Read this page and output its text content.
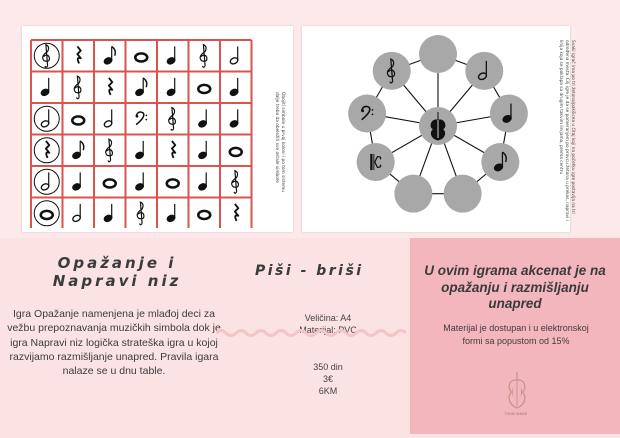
Obojiti simbole u prvoj koloni i po tom sistemu dalje treba da obeležiti sve ostale simbole	Svaki igrač ima po tri žetona/pakšicea u čitaj koji na početku igre postavlja na tri određena mesta. Cilj igre je da se pomeranjem po pravcu žetona u prekos, napravi i linija koja se poklapa sa drugim takvim linijama, prema centru
Opažanje i Napravi niz
Igra Opažanje namenjena je mlađoj deci za vežbu prepoznavanja muzičkih simbola dok je igra Napravi niz logička strateška igra u kojoj razvijamo razmišljanje unapred. Pravila igara nalaze se u dnu table.
Piši - briši
Veličina: A4
Materijal: PVC
350 din
3€
6KM
U ovim igrama akcenat je na opažanju i razmišljanju unapred
Materijal je dostupan i u elektronskoj formi sa popustom od 15%
TIKIB MASE
